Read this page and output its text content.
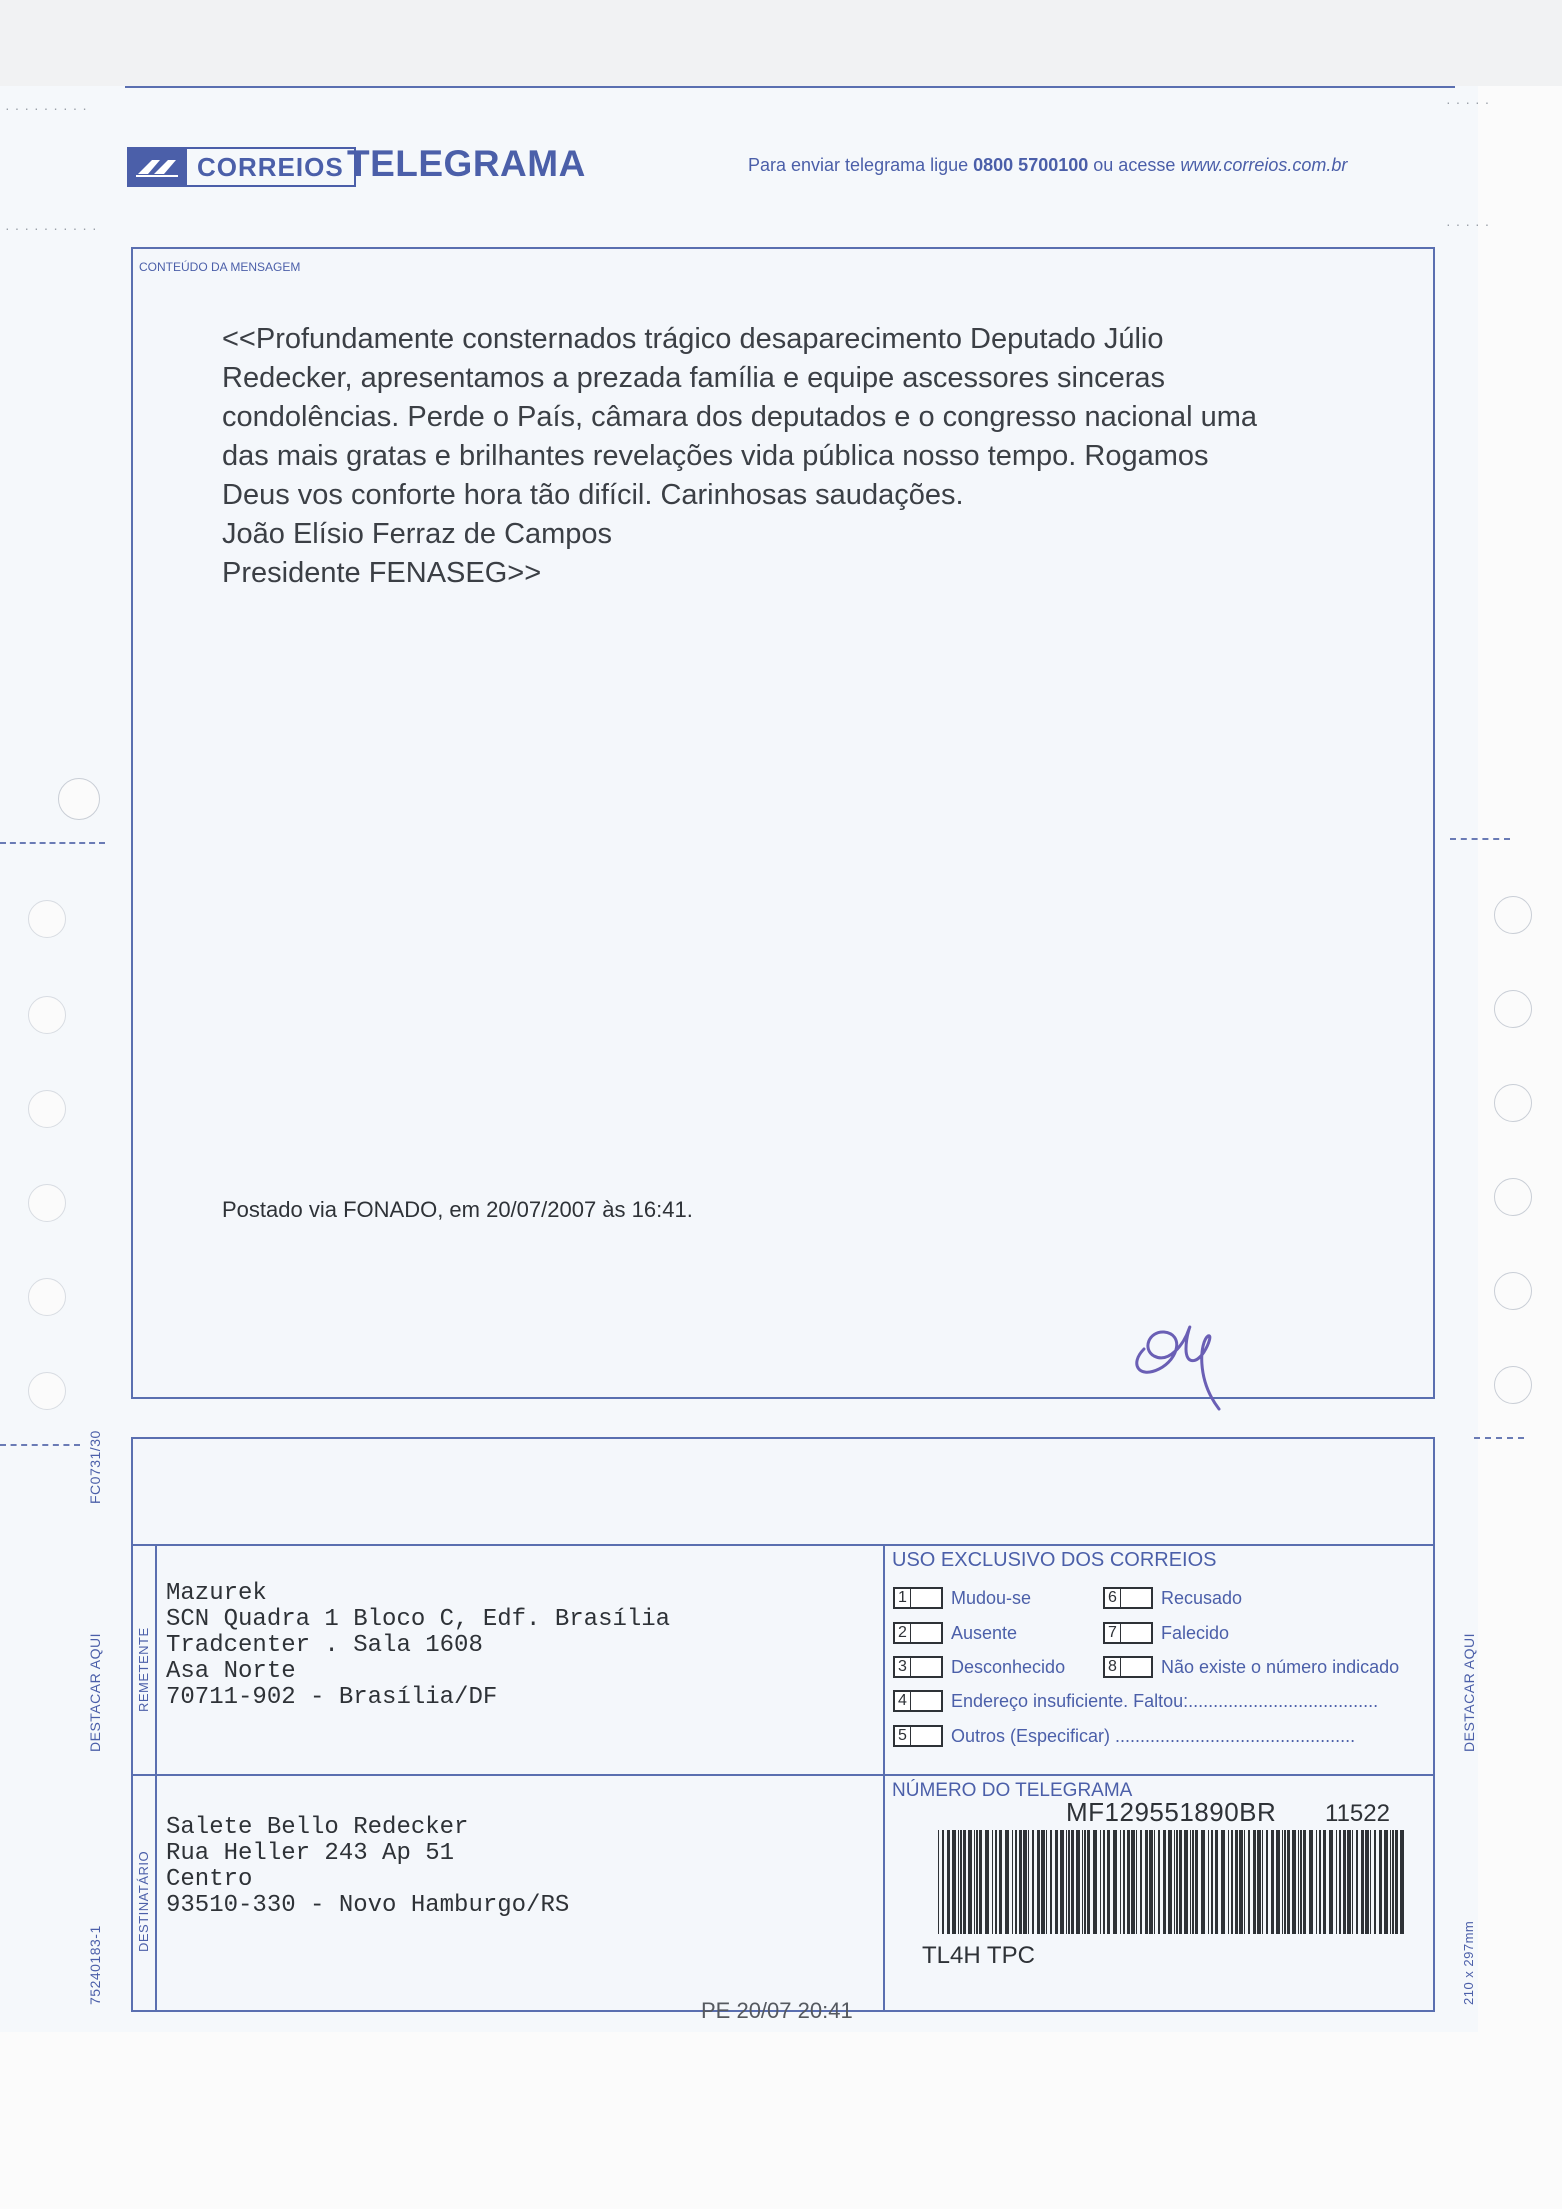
·········
··········
·····
·····
CORREIOS TELEGRAMA	Para enviar telegrama ligue 0800 5700100 ou acesse www.correios.com.br
CONTEÚDO DA MENSAGEM
<<Profundamente consternados trágico desaparecimento Deputado Júlio
Redecker, apresentamos a prezada família e equipe ascessores sinceras
condolências. Perde o País, câmara dos deputados e o congresso nacional uma
das mais gratas e brilhantes revelações vida pública nosso tempo. Rogamos
Deus vos conforte hora tão difícil. Carinhosas saudações.
João Elísio Ferraz de Campos
Presidente FENASEG>>
Postado via FONADO, em 20/07/2007 às 16:41.
FC0731/30
DESTACAR AQUI
75240183-1
DESTACAR AQUI
210 x 297mm
REMETENTE
DESTINATÁRIO
Mazurek
SCN Quadra 1 Bloco C, Edf. Brasília
Tradcenter . Sala 1608
Asa Norte
70711-902 - Brasília/DF
Salete Bello Redecker
Rua Heller 243 Ap 51
Centro
93510-330 - Novo Hamburgo/RS
USO EXCLUSIVO DOS CORREIOS
1 Mudou-se
2 Ausente
3 Desconhecido
4 Endereço insuficiente. Faltou:......................................
5 Outros (Especificar) ................................................
6 Recusado
7 Falecido
8 Não existe o número indicado
NÚMERO DO TELEGRAMA
MF129551890BR 11522
TL4H TPC
PE 20/07 20:41
